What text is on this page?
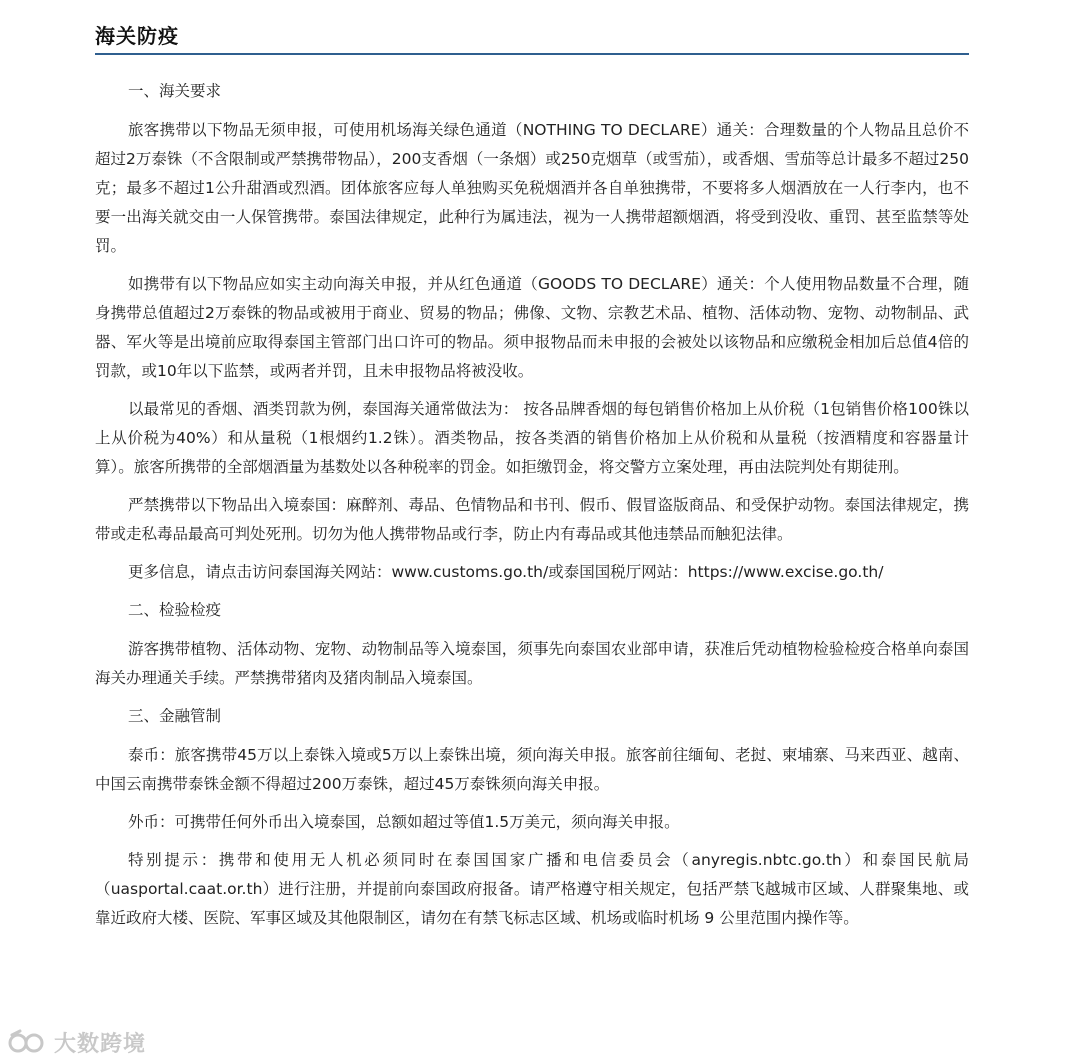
海关防疫

一、海关要求

旅客携带以下物品无须申报，可使用机场海关绿色通道（NOTHING TO DECLARE）通关：合理数量的个人物品且总价不超过2万泰铢（不含限制或严禁携带物品），200支香烟（一条烟）或250克烟草（或雪茄），或香烟、雪茄等总计最多不超过250克；最多不超过1公升甜酒或烈酒。团体旅客应每人单独购买免税烟酒并各自单独携带，不要将多人烟酒放在一人行李内，也不要一出海关就交由一人保管携带。泰国法律规定，此种行为属违法，视为一人携带超额烟酒，将受到没收、重罚、甚至监禁等处罚。

如携带有以下物品应如实主动向海关申报，并从红色通道（GOODS TO DECLARE）通关：个人使用物品数量不合理，随身携带总值超过2万泰铢的物品或被用于商业、贸易的物品；佛像、文物、宗教艺术品、植物、活体动物、宠物、动物制品、武器、军火等是出境前应取得泰国主管部门出口许可的物品。须申报物品而未申报的会被处以该物品和应缴税金相加后总值4倍的罚款，或10年以下监禁，或两者并罚，且未申报物品将被没收。

以最常见的香烟、酒类罚款为例，泰国海关通常做法为： 按各品牌香烟的每包销售价格加上从价税（1包销售价格100铢以上从价税为40%）和从量税（1根烟约1.2铢）。酒类物品，按各类酒的销售价格加上从价税和从量税（按酒精度和容器量计算）。旅客所携带的全部烟酒量为基数处以各种税率的罚金。如拒缴罚金，将交警方立案处理，再由法院判处有期徒刑。

严禁携带以下物品出入境泰国：麻醉剂、毒品、色情物品和书刊、假币、假冒盗版商品、和受保护动物。泰国法律规定，携带或走私毒品最高可判处死刑。切勿为他人携带物品或行李，防止内有毒品或其他违禁品而触犯法律。

更多信息，请点击访问泰国海关网站：www.customs.go.th/或泰国国税厅网站：https://www.excise.go.th/

二、检验检疫

游客携带植物、活体动物、宠物、动物制品等入境泰国，须事先向泰国农业部申请，获准后凭动植物检验检疫合格单向泰国海关办理通关手续。严禁携带猪肉及猪肉制品入境泰国。

三、金融管制

泰币：旅客携带45万以上泰铢入境或5万以上泰铢出境，须向海关申报。旅客前往缅甸、老挝、柬埔寨、马来西亚、越南、中国云南携带泰铢金额不得超过200万泰铢，超过45万泰铢须向海关申报。

外币：可携带任何外币出入境泰国，总额如超过等值1.5万美元，须向海关申报。

特别提示：携带和使用无人机必须同时在泰国国家广播和电信委员会（anyregis.nbtc.go.th）和泰国民航局（uasportal.caat.or.th）进行注册，并提前向泰国政府报备。请严格遵守相关规定，包括严禁飞越城市区域、人群聚集地、或靠近政府大楼、医院、军事区域及其他限制区，请勿在有禁飞标志区域、机场或临时机场 9 公里范围内操作等。

大数跨境
